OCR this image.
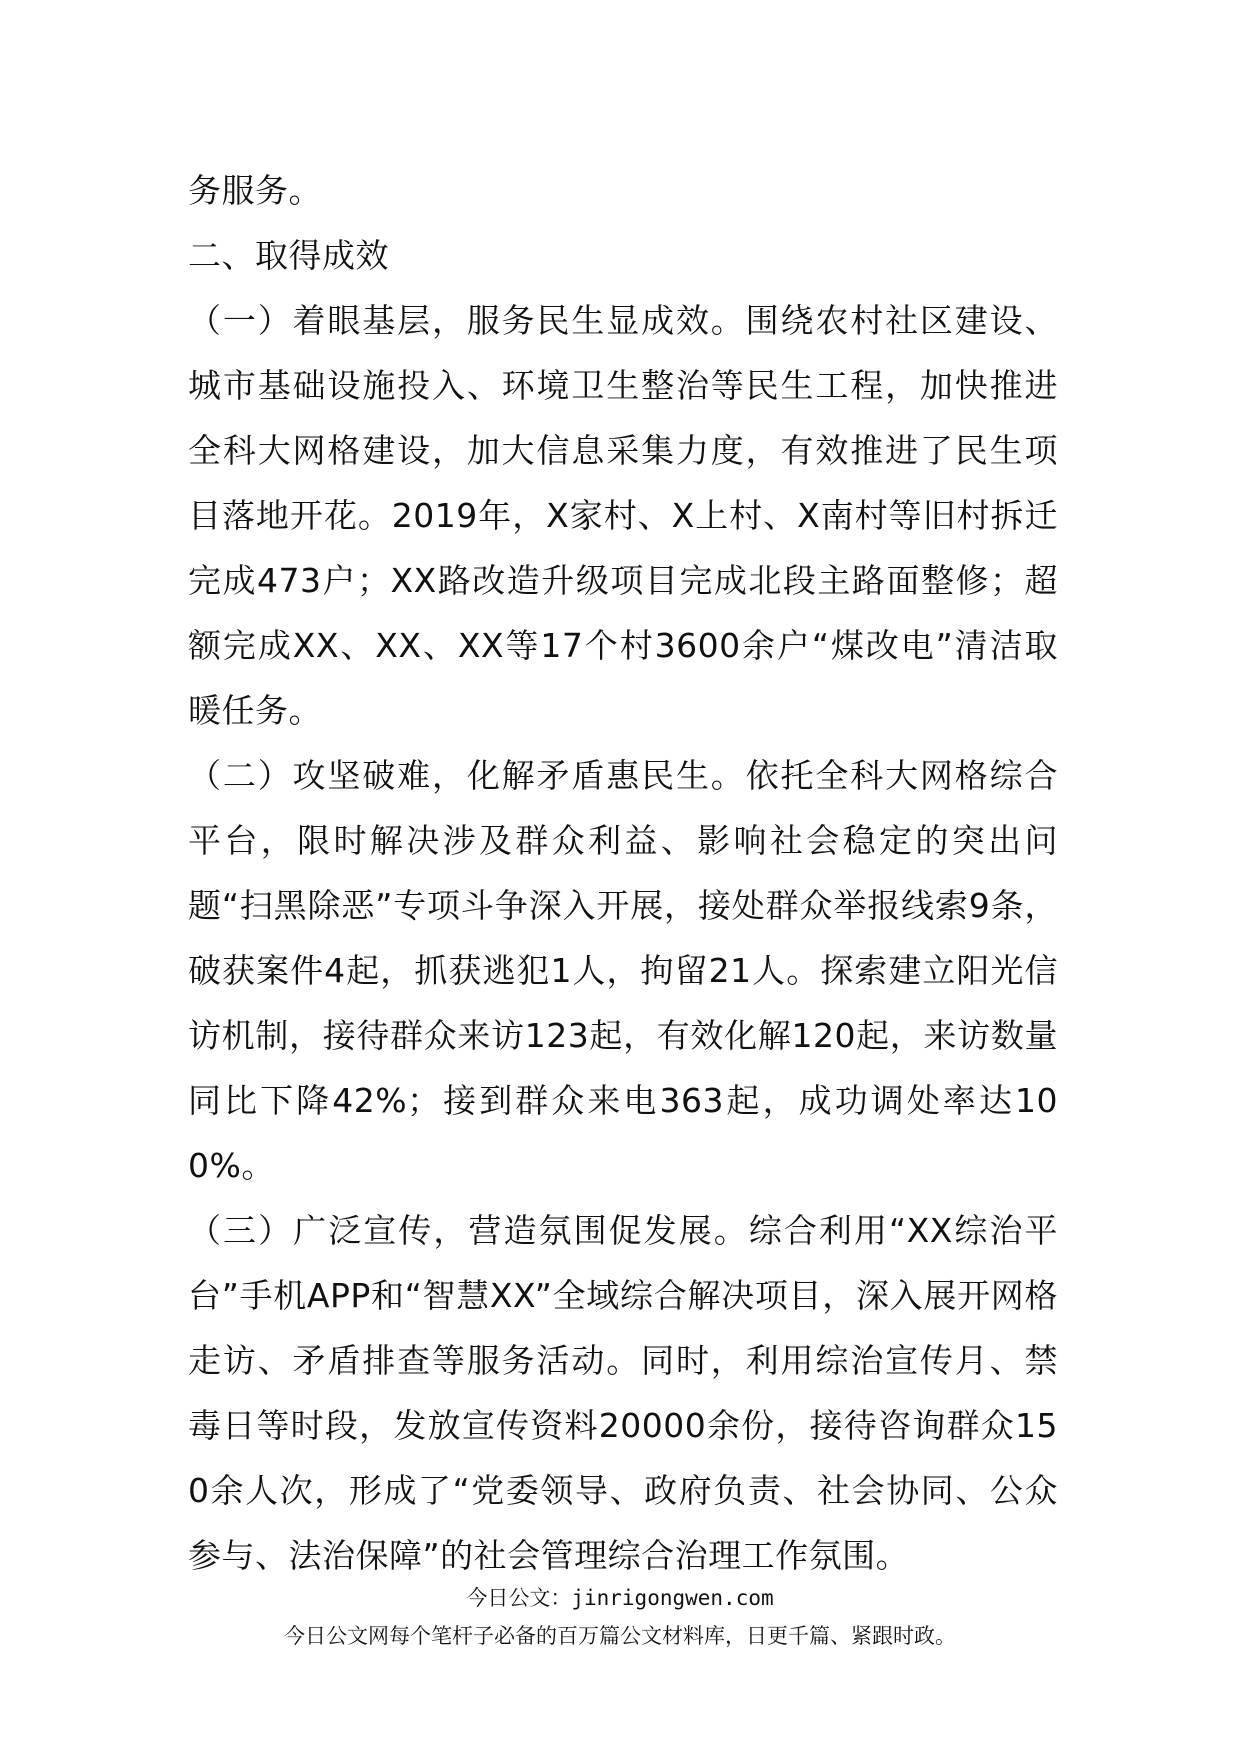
务服务。

二、取得成效

（一）着眼基层，服务民生显成效。围绕农村社区建设、城市基础设施投入、环境卫生整治等民生工程，加快推进全科大网格建设，加大信息采集力度，有效推进了民生项目落地开花。2019年，X家村、X上村、X南村等旧村拆迁完成473户；XX路改造升级项目完成北段主路面整修；超额完成XX、XX、XX等17个村3600余户“煤改电”清洁取暖任务。

（二）攻坚破难，化解矛盾惠民生。依托全科大网格综合平台，限时解决涉及群众利益、影响社会稳定的突出问题“扫黑除恶”专项斗争深入开展，接处群众举报线索9条，破获案件4起，抓获逃犯1人，拘留21人。探索建立阳光信访机制，接待群众来访123起，有效化解120起，来访数量同比下降42%；接到群众来电363起，成功调处率达100%。

（三）广泛宣传，营造氛围促发展。综合利用“XX综治平台”手机APP和“智慧XX”全域综合解决项目，深入展开网格走访、矛盾排查等服务活动。同时，利用综治宣传月、禁毒日等时段，发放宣传资料20000余份，接待咨询群众150余人次，形成了“党委领导、政府负责、社会协同、公众参与、法治保障”的社会管理综合治理工作氛围。

今日公文：jinrigongwen.com
今日公文网每个笔杆子必备的百万篇公文材料库，日更千篇、紧跟时政。
